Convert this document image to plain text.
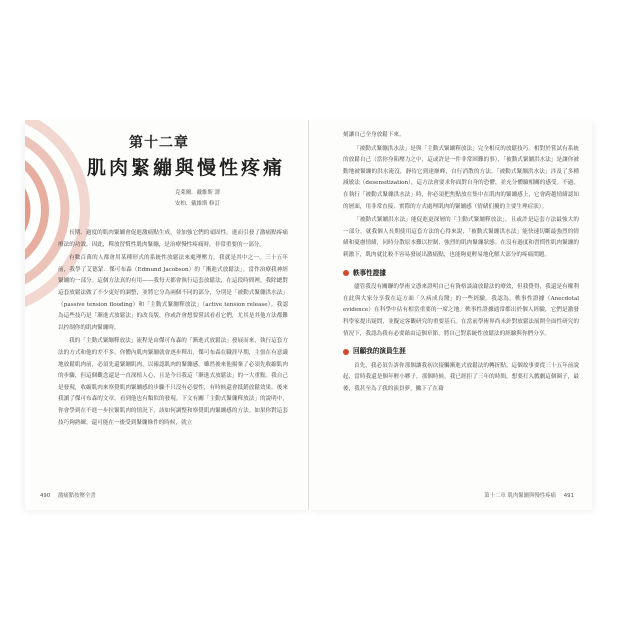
第十二章
肌肉緊繃與慢性疼痛
克萊爾．戴維斯 譯
安柏．戴維斯 修訂

長期、過度的肌肉緊繃會促進激痛點生成，並加強它們的頑固性。進而引發了激痛點疼痛療法的功效。因此，釋放習慣性肌肉緊繃，是治療慢性疼痛時，非常重要的一部分。

有數百萬的人都會用某種形式的系統性放鬆法來處理壓力，我就是其中之一。三十五年前，我學了艾德蒙．傑可布森（Edmund Jacobson）的「漸進式放鬆法」。當作治療我神經緊繃的一部分。這個方法真的有用——我每天都會執行這套放鬆法，在這段時間裡，我除總對這套放鬆法做了不少更好的調整，並將它分為兩個不同的部分，分別是「被動式緊繃洪水法」（passive tension flooding）和「主動式緊繃釋放法」（active tension release）。我認為這些技巧是「漸進式放鬆法」的改良版，你或許會想要嘗試看看它們，尤其是其他方法都難以控制你的肌肉緊繃時。

我的「主動式緊繃釋放法」流程是由傑可布森的「漸進式放鬆法」發展而來，執行這套方法的方式和他的差不多。你體內肌肉緊繃就會逐步釋出，傑可布森在職涯早期，主張在有意識地放鬆肌肉前，必須先還緊繃肌肉，以確認肌肉的緊繃感。雖然後來他揚棄了必須先收縮肌肉的步驟，但這個觀念還是一直深植人心，且是今日我這「漸進式放鬆法」的一大重點。我自己是發現，收縮肌肉來察覺肌肉緊繃感的步驟不只沒有必要性，有時候還會抵銷放鬆效果。後來我讀了傑可布森的文章，看到他也有類似的發現。下文有關「主動式緊繃釋放法」的說明中，你會學到在不進一步拉緊肌肉的情況下，該如何調整和察覺肌肉緊繃感的方法。如果你對這套技巧夠熟練，還可能在一後受到緊繃條件的時候，就立

490 激痛點按壓全書

刻讓自己全身放鬆下來。

「被動式緊繃洪水法」是與「主動式緊繃釋放法」完全相反的放鬆技巧。相對於嘗試有系統的放鬆自己（當你身陷壓力之中，這或許是一件非常困難的事），「被動式緊繃洪水法」是讓你被動地被緊繃的洪水淹沒，靜待它到達巔峰，自行消散的方法。「被動式緊繃洪水法」涉及了多種減敏法（desensitization），這方法會要求你面對自身的恐懼，並充分體驗相關的感受。不過，在執行「被動式緊繃洪水法」時，你必須把焦點放在集中在肌肉的緊繃感上，它會跨越情緒認知的層面，用非常直接、實際的方式處理肌肉的緊繃感（情緒们擾的主要生理症狀）。

「被動式緊繃洪水法」能促進更深層的「主動式緊繃釋放法」，且或許是這套方法最強大的一部分。就我個人長期使用這套方法的心得來說，「被動式緊繃洪水法」能快速切斷最強烈的情緒和憂慮情緒，同時分散原本難以控制、強烈的肌肉緊繃狀態。在沒有過度和習慣性肌肉緊繃的刺激下，肌肉就比較不容易發展出激痛點，也能夠更輕易地化解大部分的疼痛問題。

軼事性證據

儘管我沒有關聯的學術文憑來證明自己有資格談論放鬆法的療效，但我覺得，我還是有權利在此與大家分享我在這方面「久病成良醫」的一些經驗。我認為，軼事性證據（Anecdotal evidence）在科學中佔有相當重要的一席之地。軼事性證據通常都出於個人經驗，它們是激發科學家提出疑問，並擬定客觀研究的重要基石。在當前學術界尚未針對放鬆法展開全面性研究的情況下，我認為我有必要藉由這個章節，將自己對系統性放鬆法的經驗與你們分享。

回顧我的演員生涯

首先，我必須告訴你那個讓我初次接觸漸進式放鬆法的轉折點。這個故事要從三十五年前說起，當時我還是個年輕小夥子，那個時候，我已經拒了三年的時間，想要打入戲劇這個圈子，最後，我甚至為了我的演員夢，撇下了在藉

第十二章 肌肉緊繃與慢性疼痛 491
